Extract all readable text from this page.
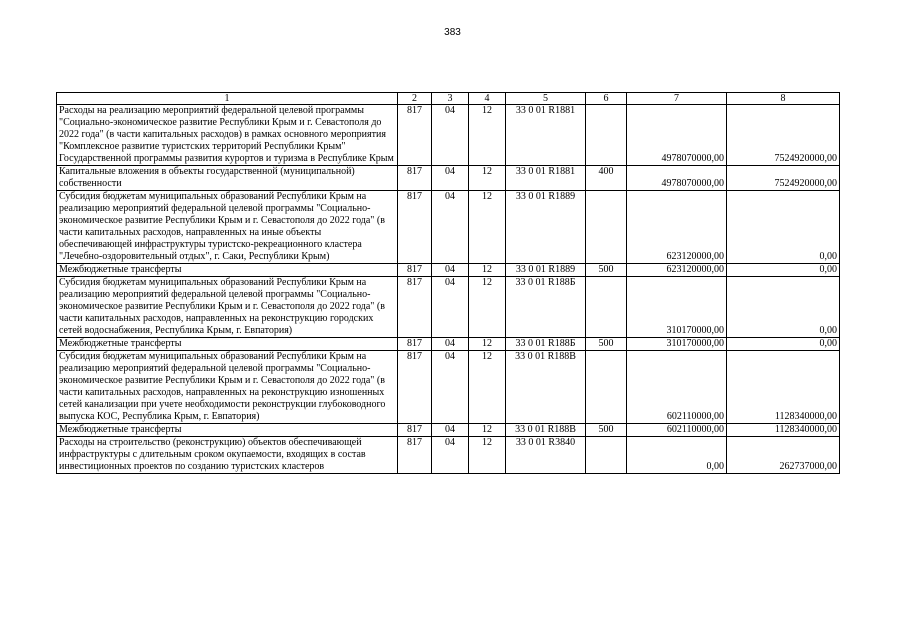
383
1	2	3	4	5	6	7	8
Расходы на реализацию мероприятий федеральной целевой программы "Социально-экономическое развитие Республики Крым и г. Севастополя до 2022 года" (в части капитальных расходов) в рамках основного мероприятия "Комплексное развитие туристских территорий Республики Крым" Государственной программы развития курортов и туризма в Республике Крым	817	04	12	33 0 01 R1881		4978070000,00	7524920000,00
Капитальные вложения в объекты государственной (муниципальной) собственности	817	04	12	33 0 01 R1881	400	4978070000,00	7524920000,00
Субсидия бюджетам муниципальных образований Республики Крым на реализацию мероприятий федеральной целевой программы "Социально-экономическое развитие Республики Крым и г. Севастополя до 2022 года" (в части капитальных расходов, направленных на иные объекты обеспечивающей инфраструктуры туристско-рекреационного кластера "Лечебно-оздоровительный отдых", г. Саки, Республики Крым)	817	04	12	33 0 01 R1889		623120000,00	0,00
Межбюджетные трансферты	817	04	12	33 0 01 R1889	500	623120000,00	0,00
Субсидия бюджетам муниципальных образований Республики Крым на реализацию мероприятий федеральной целевой программы "Социально-экономическое развитие Республики Крым и г. Севастополя до 2022 года" (в части капитальных расходов, направленных на реконструкцию городских сетей водоснабжения, Республика Крым, г. Евпатория)	817	04	12	33 0 01 R188Б		310170000,00	0,00
Межбюджетные трансферты	817	04	12	33 0 01 R188Б	500	310170000,00	0,00
Субсидия бюджетам муниципальных образований Республики Крым на реализацию мероприятий федеральной целевой программы "Социально-экономическое развитие Республики Крым и г. Севастополя до 2022 года" (в части капитальных расходов, направленных на реконструкцию изношенных сетей канализации при учете необходимости реконструкции глубоководного выпуска КОС, Республика Крым, г. Евпатория)	817	04	12	33 0 01 R188В		602110000,00	1128340000,00
Межбюджетные трансферты	817	04	12	33 0 01 R188В	500	602110000,00	1128340000,00
Расходы на строительство (реконструкцию) объектов обеспечивающей инфраструктуры с длительным сроком окупаемости, входящих в состав инвестиционных проектов по созданию туристских кластеров	817	04	12	33 0 01 R3840		0,00	262737000,00
